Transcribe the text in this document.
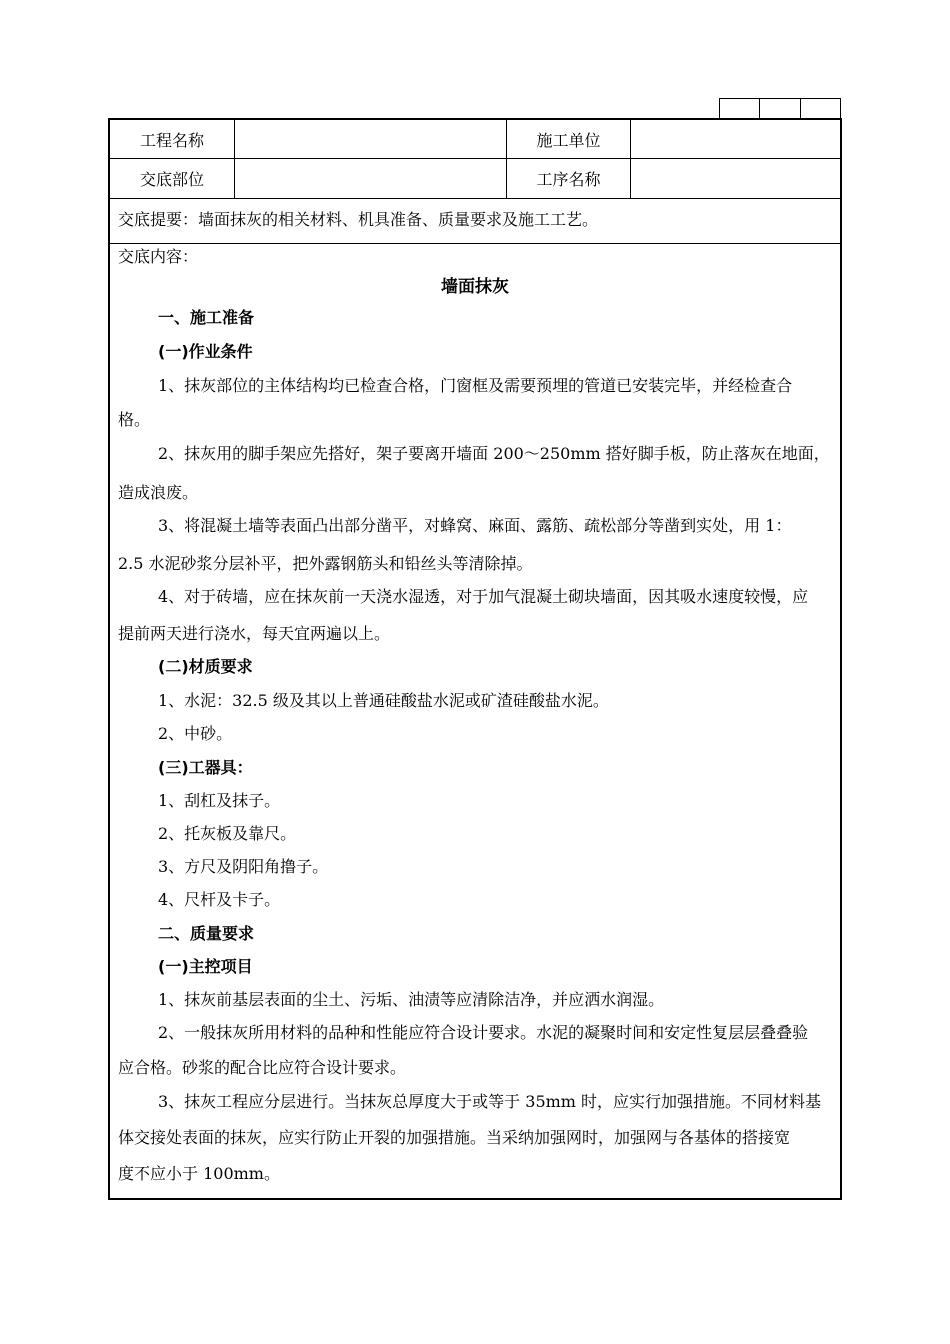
工程名称	施工单位
交底部位	工序名称
交底提要：墙面抹灰的相关材料、机具准备、质量要求及施工工艺。
交底内容：
墙面抹灰
一、施工准备
(一)作业条件
1、抹灰部位的主体结构均已检查合格，门窗框及需要预埋的管道已安装完毕，并经检查合
格。
2、抹灰用的脚手架应先搭好，架子要离开墙面 200～250mm 搭好脚手板，防止落灰在地面，
造成浪废。
3、将混凝土墙等表面凸出部分凿平，对蜂窝、麻面、露筋、疏松部分等凿到实处，用 1：
2.5 水泥砂浆分层补平，把外露钢筋头和铅丝头等清除掉。
4、对于砖墙，应在抹灰前一天浇水湿透，对于加气混凝土砌块墙面，因其吸水速度较慢，应
提前两天进行浇水，每天宜两遍以上。
(二)材质要求
1、水泥：32.5 级及其以上普通硅酸盐水泥或矿渣硅酸盐水泥。
2、中砂。
(三)工器具：
1、刮杠及抹子。
2、托灰板及靠尺。
3、方尺及阴阳角撸子。
4、尺杆及卡子。
二、质量要求
(一)主控项目
1、抹灰前基层表面的尘土、污垢、油渍等应清除洁净，并应洒水润湿。
2、一般抹灰所用材料的品种和性能应符合设计要求。水泥的凝聚时间和安定性复层层叠叠验
应合格。砂浆的配合比应符合设计要求。
3、抹灰工程应分层进行。当抹灰总厚度大于或等于 35mm 时，应实行加强措施。不同材料基
体交接处表面的抹灰，应实行防止开裂的加强措施。当采纳加强网时，加强网与各基体的搭接宽
度不应小于 100mm。
